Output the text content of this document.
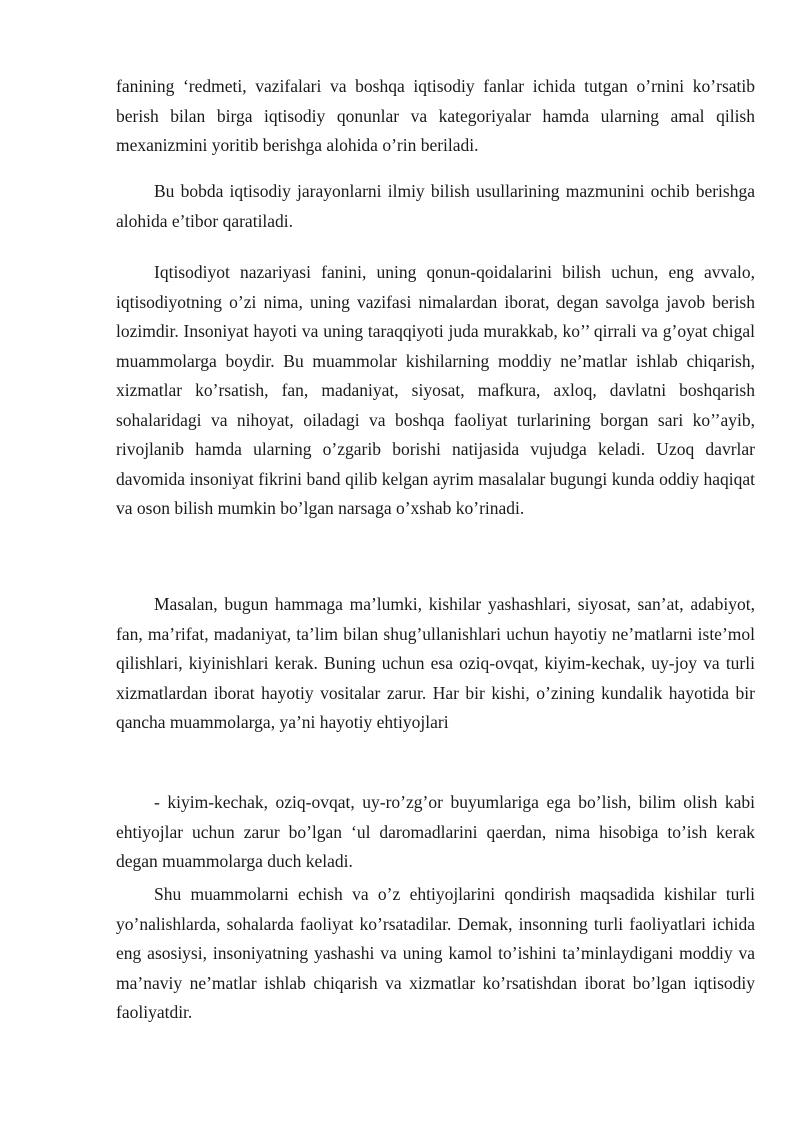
fanining ‘redmeti, vazifalari va boshqa iqtisodiy fanlar ichida tutgan o’rnini ko’rsatib berish bilan birga iqtisodiy qonunlar va kategoriyalar hamda ularning amal qilish mexanizmini yoritib berishga alohida o’rin beriladi.

Bu bobda iqtisodiy jarayonlarni ilmiy bilish usullarining mazmunini ochib berishga alohida e’tibor qaratiladi.

Iqtisodiyot nazariyasi fanini, uning qonun-qoidalarini bilish uchun, eng avvalo, iqtisodiyotning o’zi nima, uning vazifasi nimalardan iborat, degan savolga javob berish lozimdir. Insoniyat hayoti va uning taraqqiyoti juda murakkab, ko’’ qirrali va g’oyat chigal muammolarga boydir. Bu muammolar kishilarning moddiy ne’matlar ishlab chiqarish, xizmatlar ko’rsatish, fan, madaniyat, siyosat, mafkura, axloq, davlatni boshqarish sohalaridagi va nihoyat, oiladagi va boshqa faoliyat turlarining borgan sari ko’’ayib, rivojlanib hamda ularning o’zgarib borishi natijasida vujudga keladi. Uzoq davrlar davomida insoniyat fikrini band qilib kelgan ayrim masalalar bugungi kunda oddiy haqiqat va oson bilish mumkin bo’lgan narsaga o’xshab ko’rinadi.

Masalan, bugun hammaga ma’lumki, kishilar yashashlari, siyosat, san’at, adabiyot, fan, ma’rifat, madaniyat, ta’lim bilan shug’ullanishlari uchun hayotiy ne’matlarni iste’mol qilishlari, kiyinishlari kerak. Buning uchun esa oziq-ovqat, kiyim-kechak, uy-joy va turli xizmatlardan iborat hayotiy vositalar zarur. Har bir kishi, o’zining kundalik hayotida bir qancha muammolarga, ya’ni hayotiy ehtiyojlari

- kiyim-kechak, oziq-ovqat, uy-ro’zg’or buyumlariga ega bo’lish, bilim olish kabi ehtiyojlar uchun zarur bo’lgan ‘ul daromadlarini qaerdan, nima hisobiga to’ish kerak degan muammolarga duch keladi.

Shu muammolarni echish va o’z ehtiyojlarini qondirish maqsadida kishilar turli yo’nalishlarda, sohalarda faoliyat ko’rsatadilar. Demak, insonning turli faoliyatlari ichida eng asosiysi, insoniyatning yashashi va uning kamol to’ishini ta’minlaydigani moddiy va ma’naviy ne’matlar ishlab chiqarish va xizmatlar ko’rsatishdan iborat bo’lgan iqtisodiy faoliyatdir.
